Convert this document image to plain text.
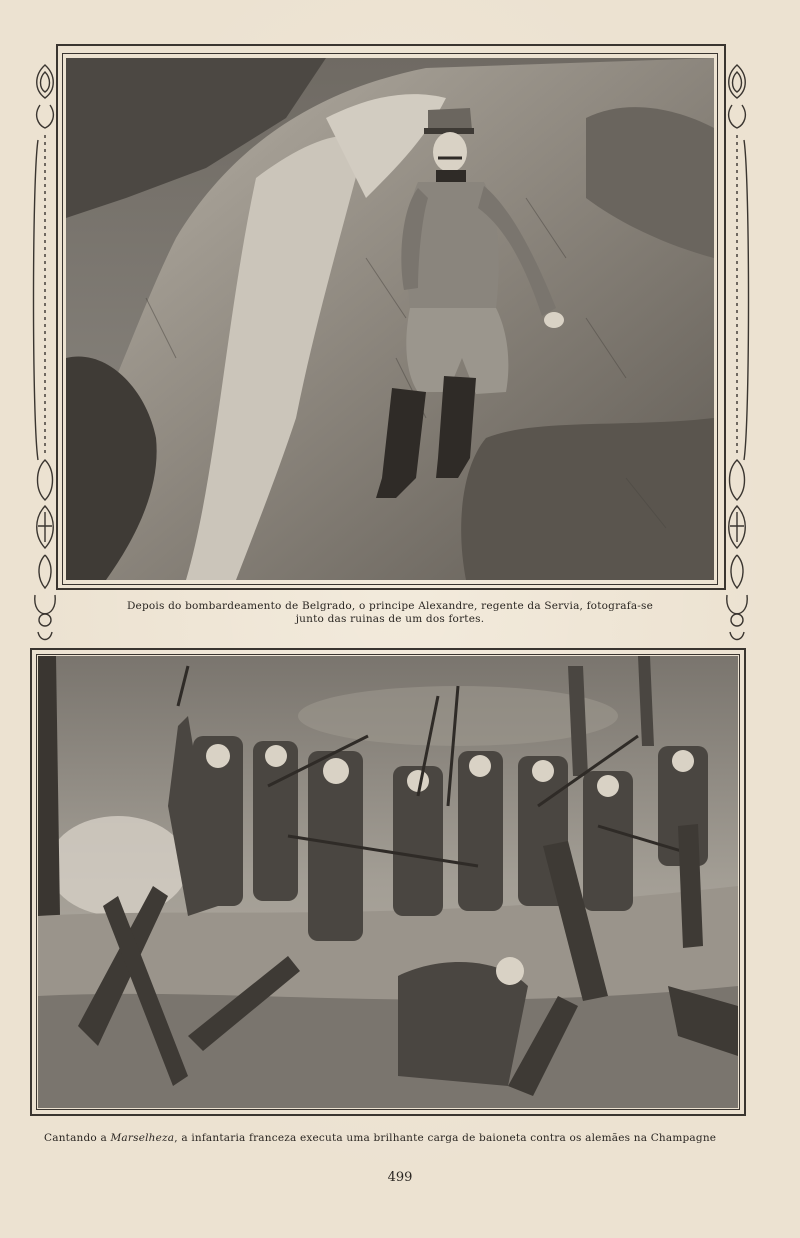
Depois do bombardeamento de Belgrado, o principe Alexandre, regente da Servia, fotografa-se
junto das ruinas de um dos fortes.
Cantando a Marselheza, a infantaria franceza executa uma brilhante carga de baioneta contra os alemães na Champagne
499
